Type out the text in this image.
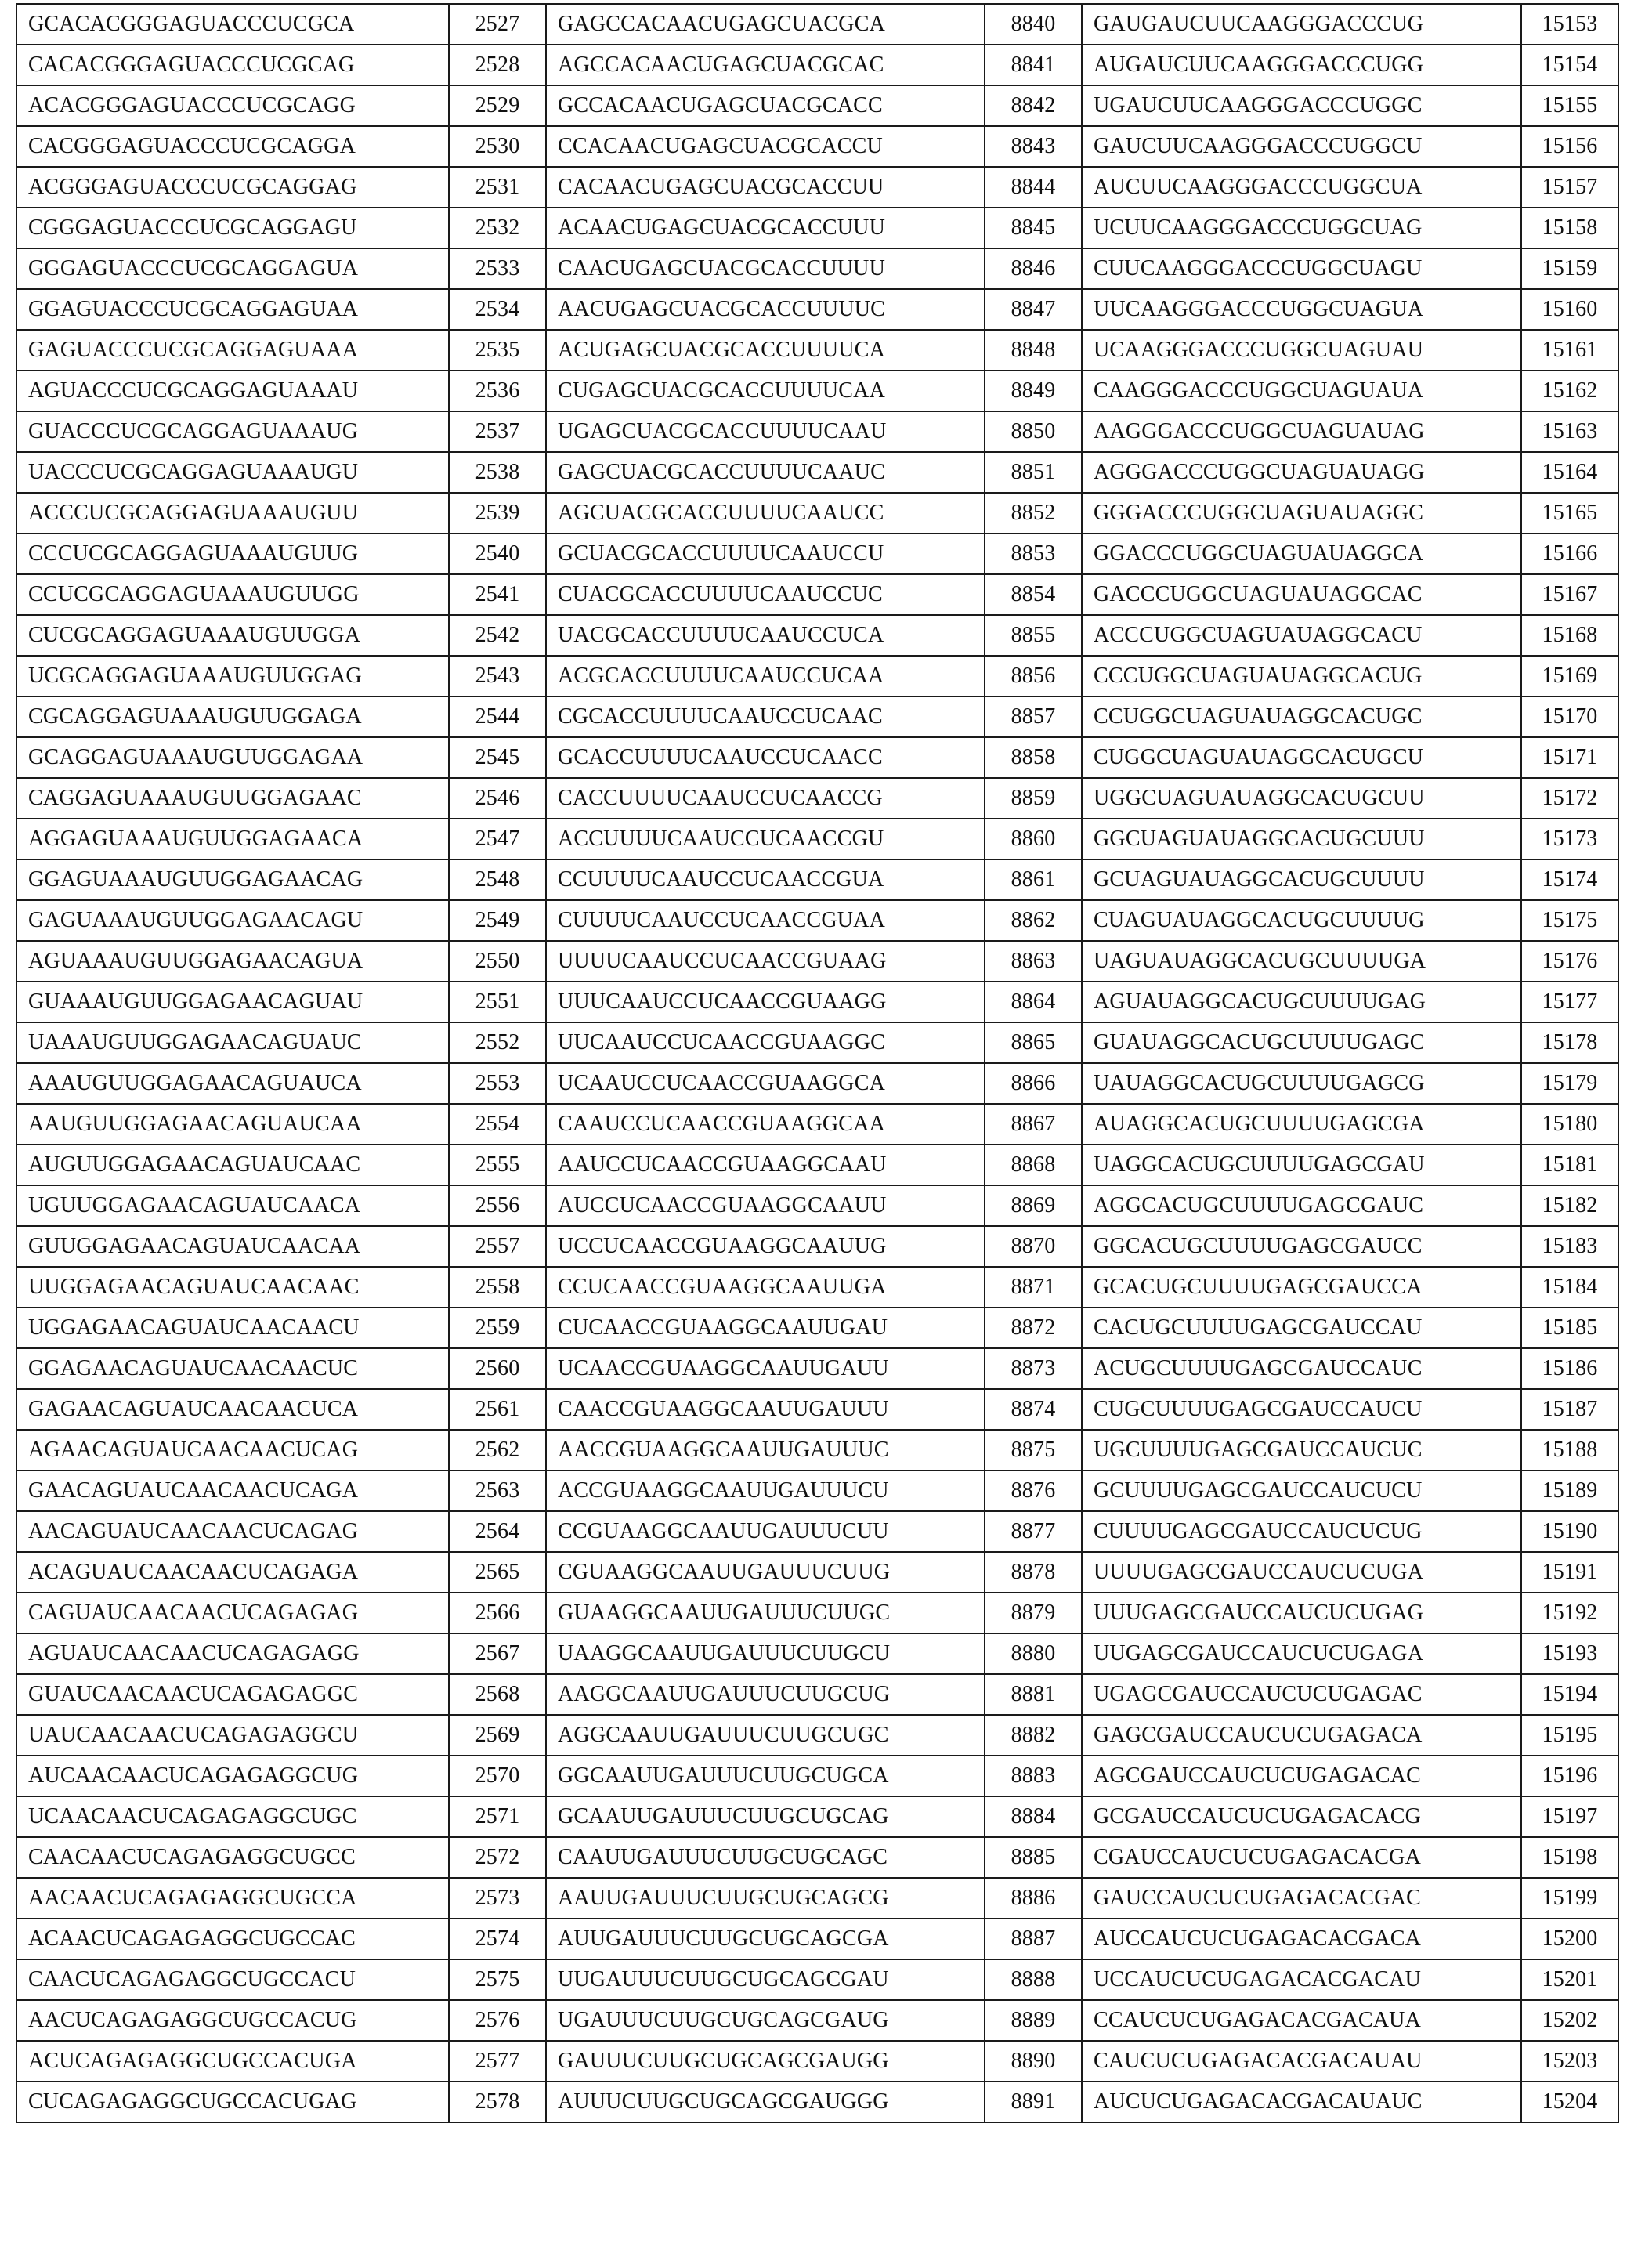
GCACACGGGAGUACCCUCGCA	2527	GAGCCACAACUGAGCUACGCA	8840	GAUGAUCUUCAAGGGACCCUG	15153
CACACGGGAGUACCCUCGCAG	2528	AGCCACAACUGAGCUACGCAC	8841	AUGAUCUUCAAGGGACCCUGG	15154
ACACGGGAGUACCCUCGCAGG	2529	GCCACAACUGAGCUACGCACC	8842	UGAUCUUCAAGGGACCCUGGC	15155
CACGGGAGUACCCUCGCAGGA	2530	CCACAACUGAGCUACGCACCU	8843	GAUCUUCAAGGGACCCUGGCU	15156
ACGGGAGUACCCUCGCAGGAG	2531	CACAACUGAGCUACGCACCUU	8844	AUCUUCAAGGGACCCUGGCUA	15157
CGGGAGUACCCUCGCAGGAGU	2532	ACAACUGAGCUACGCACCUUU	8845	UCUUCAAGGGACCCUGGCUAG	15158
GGGAGUACCCUCGCAGGAGUA	2533	CAACUGAGCUACGCACCUUUU	8846	CUUCAAGGGACCCUGGCUAGU	15159
GGAGUACCCUCGCAGGAGUAA	2534	AACUGAGCUACGCACCUUUUC	8847	UUCAAGGGACCCUGGCUAGUA	15160
GAGUACCCUCGCAGGAGUAAA	2535	ACUGAGCUACGCACCUUUUCA	8848	UCAAGGGACCCUGGCUAGUAU	15161
AGUACCCUCGCAGGAGUAAAU	2536	CUGAGCUACGCACCUUUUCAA	8849	CAAGGGACCCUGGCUAGUAUA	15162
GUACCCUCGCAGGAGUAAAUG	2537	UGAGCUACGCACCUUUUCAAU	8850	AAGGGACCCUGGCUAGUAUAG	15163
UACCCUCGCAGGAGUAAAUGU	2538	GAGCUACGCACCUUUUCAAUC	8851	AGGGACCCUGGCUAGUAUAGG	15164
ACCCUCGCAGGAGUAAAUGUU	2539	AGCUACGCACCUUUUCAAUCC	8852	GGGACCCUGGCUAGUAUAGGC	15165
CCCUCGCAGGAGUAAAUGUUG	2540	GCUACGCACCUUUUCAAUCCU	8853	GGACCCUGGCUAGUAUAGGCA	15166
CCUCGCAGGAGUAAAUGUUGG	2541	CUACGCACCUUUUCAAUCCUC	8854	GACCCUGGCUAGUAUAGGCAC	15167
CUCGCAGGAGUAAAUGUUGGA	2542	UACGCACCUUUUCAAUCCUCA	8855	ACCCUGGCUAGUAUAGGCACU	15168
UCGCAGGAGUAAAUGUUGGAG	2543	ACGCACCUUUUCAAUCCUCAA	8856	CCCUGGCUAGUAUAGGCACUG	15169
CGCAGGAGUAAAUGUUGGAGA	2544	CGCACCUUUUCAAUCCUCAAC	8857	CCUGGCUAGUAUAGGCACUGC	15170
GCAGGAGUAAAUGUUGGAGAA	2545	GCACCUUUUCAAUCCUCAACC	8858	CUGGCUAGUAUAGGCACUGCU	15171
CAGGAGUAAAUGUUGGAGAAC	2546	CACCUUUUCAAUCCUCAACCG	8859	UGGCUAGUAUAGGCACUGCUU	15172
AGGAGUAAAUGUUGGAGAACA	2547	ACCUUUUCAAUCCUCAACCGU	8860	GGCUAGUAUAGGCACUGCUUU	15173
GGAGUAAAUGUUGGAGAACAG	2548	CCUUUUCAAUCCUCAACCGUA	8861	GCUAGUAUAGGCACUGCUUUU	15174
GAGUAAAUGUUGGAGAACAGU	2549	CUUUUCAAUCCUCAACCGUAA	8862	CUAGUAUAGGCACUGCUUUUG	15175
AGUAAAUGUUGGAGAACAGUA	2550	UUUUCAAUCCUCAACCGUAAG	8863	UAGUAUAGGCACUGCUUUUGA	15176
GUAAAUGUUGGAGAACAGUAU	2551	UUUCAAUCCUCAACCGUAAGG	8864	AGUAUAGGCACUGCUUUUGAG	15177
UAAAUGUUGGAGAACAGUAUC	2552	UUCAAUCCUCAACCGUAAGGC	8865	GUAUAGGCACUGCUUUUGAGC	15178
AAAUGUUGGAGAACAGUAUCA	2553	UCAAUCCUCAACCGUAAGGCA	8866	UAUAGGCACUGCUUUUGAGCG	15179
AAUGUUGGAGAACAGUAUCAA	2554	CAAUCCUCAACCGUAAGGCAA	8867	AUAGGCACUGCUUUUGAGCGA	15180
AUGUUGGAGAACAGUAUCAAC	2555	AAUCCUCAACCGUAAGGCAAU	8868	UAGGCACUGCUUUUGAGCGAU	15181
UGUUGGAGAACAGUAUCAACA	2556	AUCCUCAACCGUAAGGCAAUU	8869	AGGCACUGCUUUUGAGCGAUC	15182
GUUGGAGAACAGUAUCAACAA	2557	UCCUCAACCGUAAGGCAAUUG	8870	GGCACUGCUUUUGAGCGAUCC	15183
UUGGAGAACAGUAUCAACAAC	2558	CCUCAACCGUAAGGCAAUUGA	8871	GCACUGCUUUUGAGCGAUCCA	15184
UGGAGAACAGUAUCAACAACU	2559	CUCAACCGUAAGGCAAUUGAU	8872	CACUGCUUUUGAGCGAUCCAU	15185
GGAGAACAGUAUCAACAACUC	2560	UCAACCGUAAGGCAAUUGAUU	8873	ACUGCUUUUGAGCGAUCCAUC	15186
GAGAACAGUAUCAACAACUCA	2561	CAACCGUAAGGCAAUUGAUUU	8874	CUGCUUUUGAGCGAUCCAUCU	15187
AGAACAGUAUCAACAACUCAG	2562	AACCGUAAGGCAAUUGAUUUC	8875	UGCUUUUGAGCGAUCCAUCUC	15188
GAACAGUAUCAACAACUCAGA	2563	ACCGUAAGGCAAUUGAUUUCU	8876	GCUUUUGAGCGAUCCAUCUCU	15189
AACAGUAUCAACAACUCAGAG	2564	CCGUAAGGCAAUUGAUUUCUU	8877	CUUUUGAGCGAUCCAUCUCUG	15190
ACAGUAUCAACAACUCAGAGA	2565	CGUAAGGCAAUUGAUUUCUUG	8878	UUUUGAGCGAUCCAUCUCUGA	15191
CAGUAUCAACAACUCAGAGAG	2566	GUAAGGCAAUUGAUUUCUUGC	8879	UUUGAGCGAUCCAUCUCUGAG	15192
AGUAUCAACAACUCAGAGAGG	2567	UAAGGCAAUUGAUUUCUUGCU	8880	UUGAGCGAUCCAUCUCUGAGA	15193
GUAUCAACAACUCAGAGAGGC	2568	AAGGCAAUUGAUUUCUUGCUG	8881	UGAGCGAUCCAUCUCUGAGAC	15194
UAUCAACAACUCAGAGAGGCU	2569	AGGCAAUUGAUUUCUUGCUGC	8882	GAGCGAUCCAUCUCUGAGACA	15195
AUCAACAACUCAGAGAGGCUG	2570	GGCAAUUGAUUUCUUGCUGCA	8883	AGCGAUCCAUCUCUGAGACAC	15196
UCAACAACUCAGAGAGGCUGC	2571	GCAAUUGAUUUCUUGCUGCAG	8884	GCGAUCCAUCUCUGAGACACG	15197
CAACAACUCAGAGAGGCUGCC	2572	CAAUUGAUUUCUUGCUGCAGC	8885	CGAUCCAUCUCUGAGACACGA	15198
AACAACUCAGAGAGGCUGCCA	2573	AAUUGAUUUCUUGCUGCAGCG	8886	GAUCCAUCUCUGAGACACGAC	15199
ACAACUCAGAGAGGCUGCCAC	2574	AUUGAUUUCUUGCUGCAGCGA	8887	AUCCAUCUCUGAGACACGACA	15200
CAACUCAGAGAGGCUGCCACU	2575	UUGAUUUCUUGCUGCAGCGAU	8888	UCCAUCUCUGAGACACGACAU	15201
AACUCAGAGAGGCUGCCACUG	2576	UGAUUUCUUGCUGCAGCGAUG	8889	CCAUCUCUGAGACACGACAUA	15202
ACUCAGAGAGGCUGCCACUGA	2577	GAUUUCUUGCUGCAGCGAUGG	8890	CAUCUCUGAGACACGACAUAU	15203
CUCAGAGAGGCUGCCACUGAG	2578	AUUUCUUGCUGCAGCGAUGGG	8891	AUCUCUGAGACACGACAUAUC	15204
